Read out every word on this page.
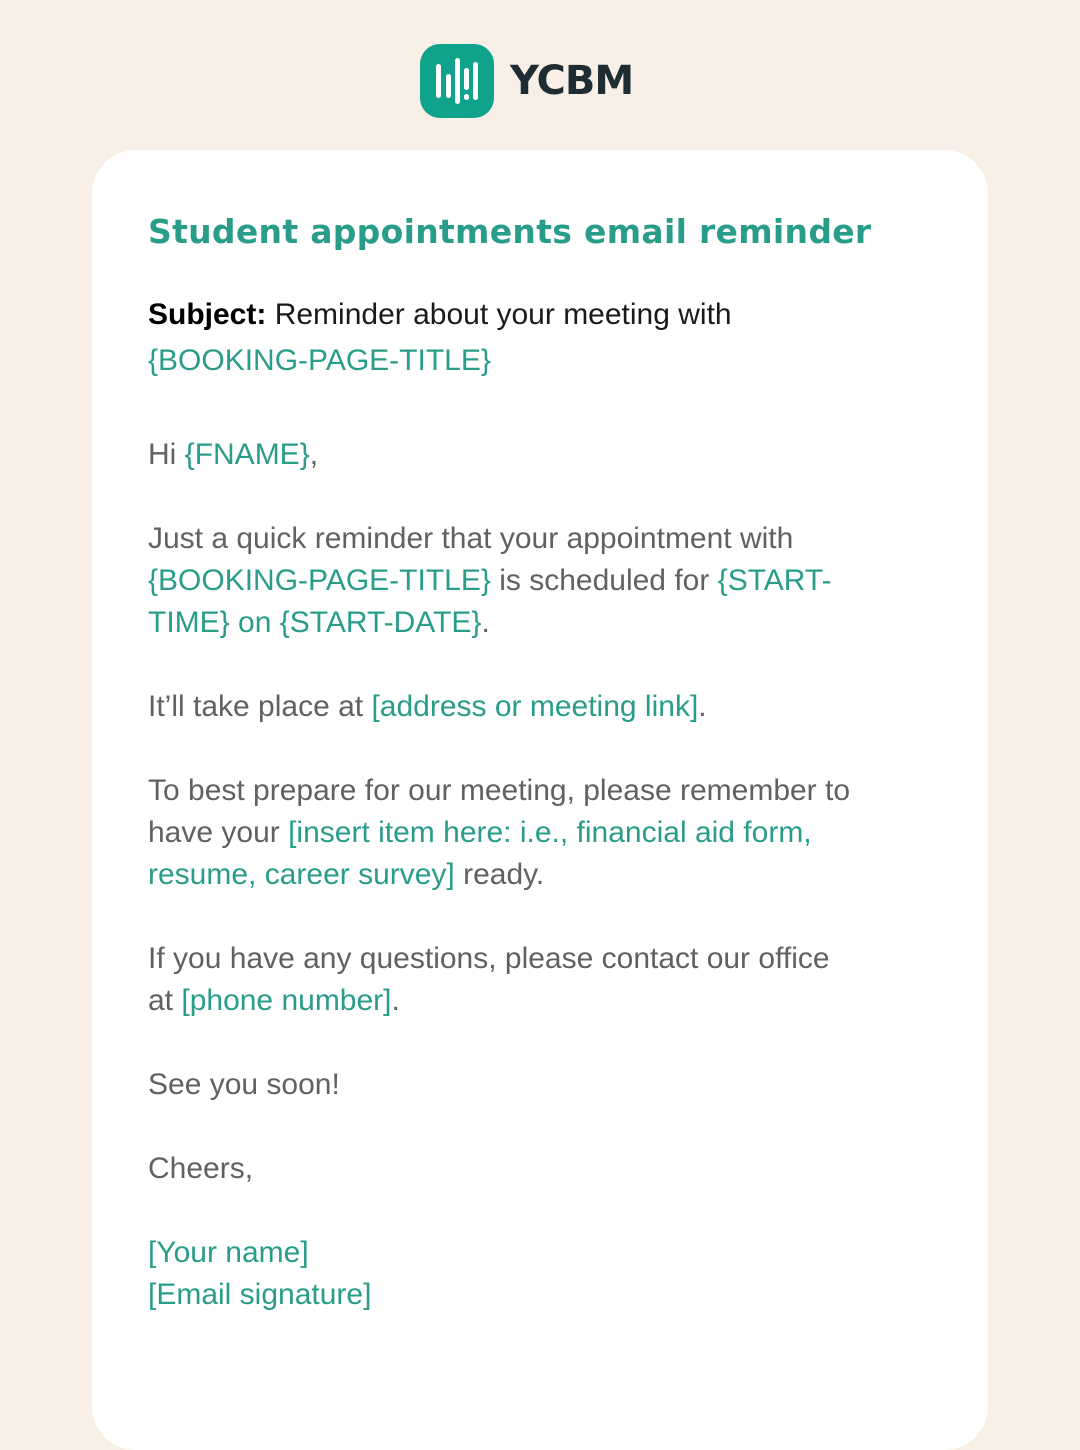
YCBM
Student appointments email reminder
Subject: Reminder about your meeting with
{BOOKING-PAGE-TITLE}

Hi {FNAME},

Just a quick reminder that your appointment with
{BOOKING-PAGE-TITLE} is scheduled for {START-
TIME} on {START-DATE}.

It’ll take place at [address or meeting link].

To best prepare for our meeting, please remember to
have your [insert item here: i.e., financial aid form,
resume, career survey] ready.

If you have any questions, please contact our office
at [phone number].

See you soon!

Cheers,

[Your name]
[Email signature]
